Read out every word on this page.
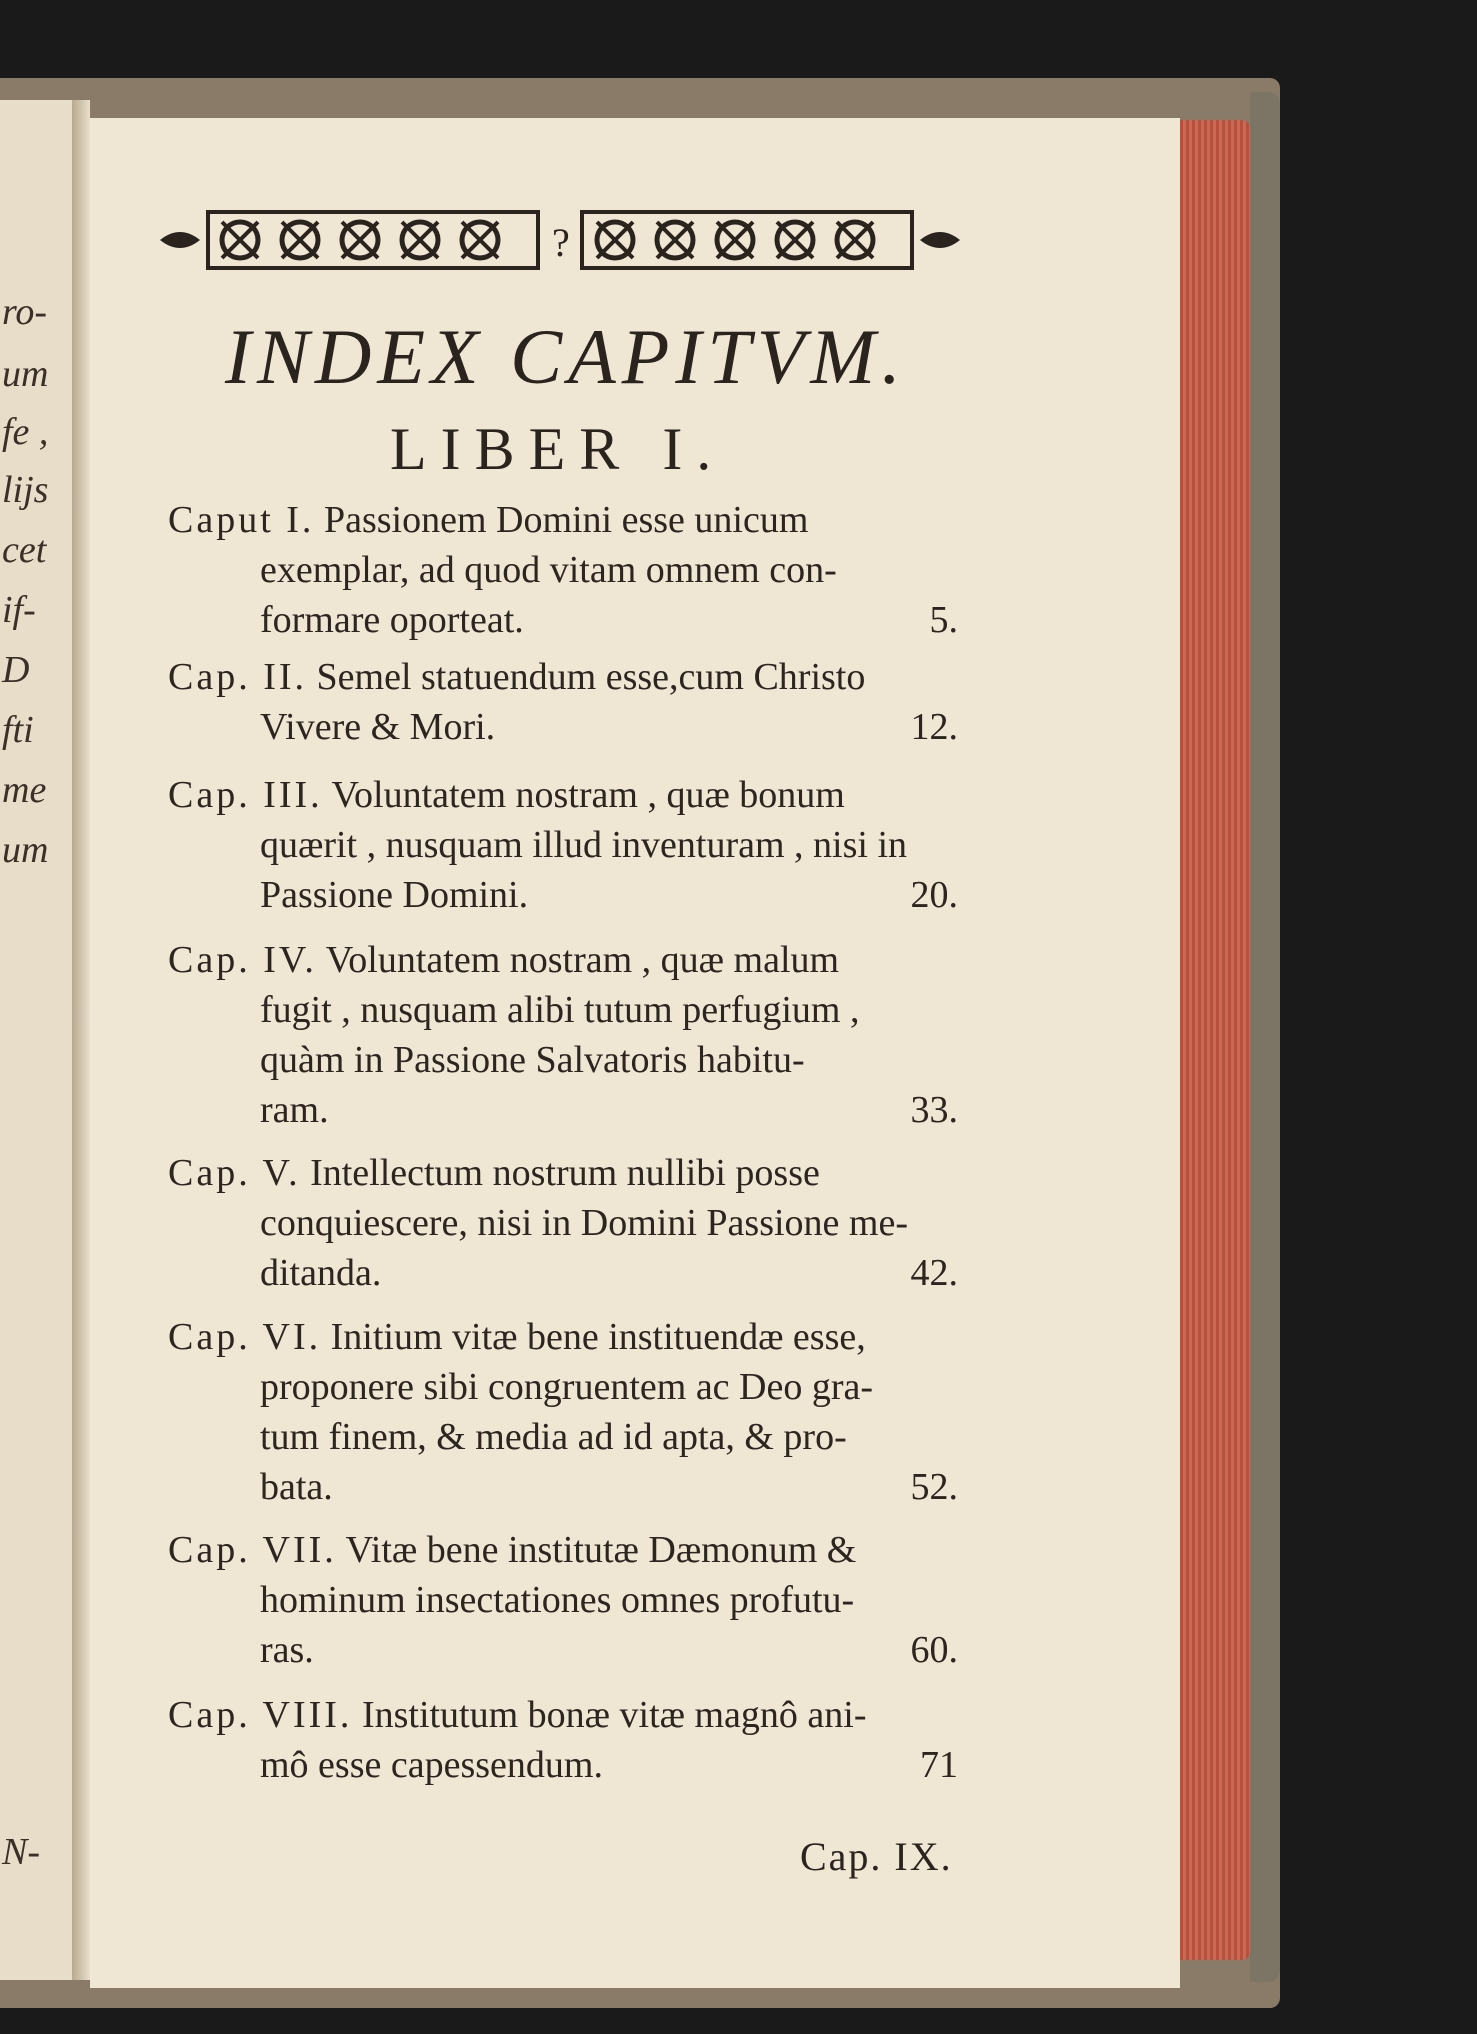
ro-
um
fe ,
lijs
cet
if-
D
fti
me
um
N-
?
INDEX CAPITVM.
LIBER I.
Caput I. Passionem Domini esse unicum
exemplar, ad quod vitam omnem con-
formare oporteat.	5.
Cap. II. Semel statuendum esse,cum Christo
Vivere & Mori.	12.
Cap. III. Voluntatem nostram , quæ bonum
quærit , nusquam illud inventuram , nisi in
Passione Domini.	20.
Cap. IV. Voluntatem nostram , quæ malum
fugit , nusquam alibi tutum perfugium ,
quàm in Passione Salvatoris habitu-
ram.	33.
Cap. V. Intellectum nostrum nullibi posse
conquiescere, nisi in Domini Passione me-
ditanda.	42.
Cap. VI. Initium vitæ bene instituendæ esse,
proponere sibi congruentem ac Deo gra-
tum finem, & media ad id apta, & pro-
bata.	52.
Cap. VII. Vitæ bene institutæ Dæmonum &
hominum insectationes omnes profutu-
ras.	60.
Cap. VIII. Institutum bonæ vitæ magnô ani-
mô esse capessendum.	71
Cap. IX.
